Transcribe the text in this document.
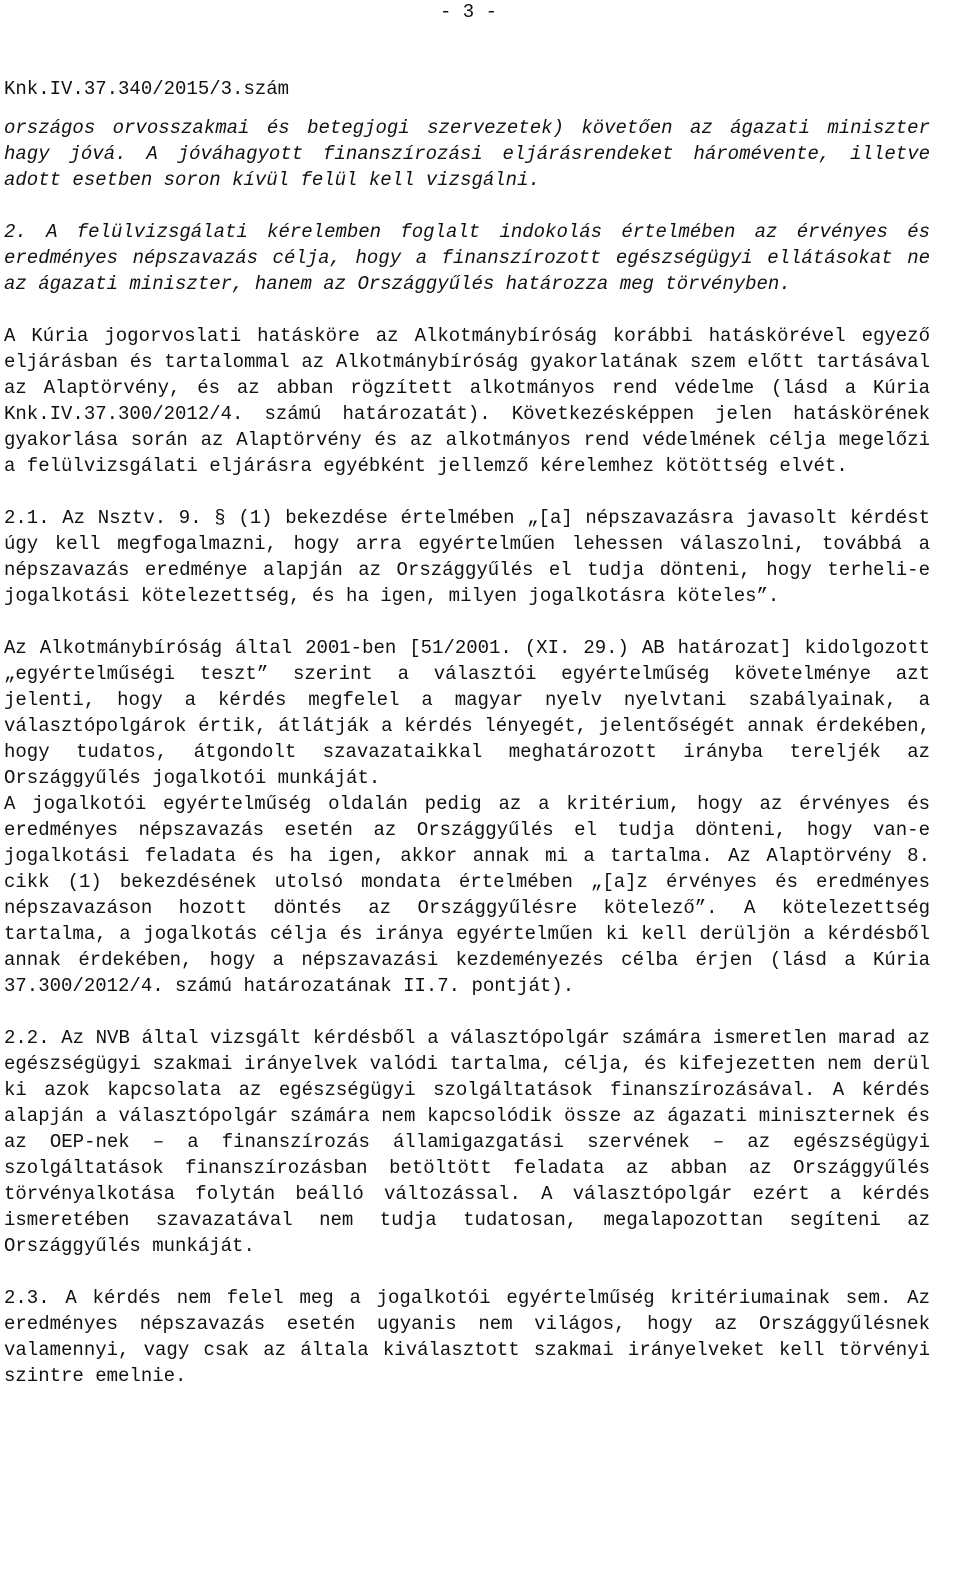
- 3 -
Knk.IV.37.340/2015/3.szám

országos orvosszakmai és betegjogi szervezetek) követően az ágazati miniszter hagy jóvá. A jóváhagyott finanszírozási eljárásrendeket háromévente, illetve adott esetben soron kívül felül kell vizsgálni.

2. A felülvizsgálati kérelemben foglalt indokolás értelmében az érvényes és eredményes népszavazás célja, hogy a finanszírozott egészségügyi ellátásokat ne az ágazati miniszter, hanem az Országgyűlés határozza meg törvényben.

A Kúria jogorvoslati hatásköre az Alkotmánybíróság korábbi hatáskörével egyező eljárásban és tartalommal az Alkotmánybíróság gyakorlatának szem előtt tartásával az Alaptörvény, és az abban rögzített alkotmányos rend védelme (lásd a Kúria Knk.IV.37.300/2012/4. számú határozatát). Következésképpen jelen hatáskörének gyakorlása során az Alaptörvény és az alkotmányos rend védelmének célja megelőzi a felülvizsgálati eljárásra egyébként jellemző kérelemhez kötöttség elvét.

2.1. Az Nsztv. 9. § (1) bekezdése értelmében „[a] népszavazásra javasolt kérdést úgy kell megfogalmazni, hogy arra egyértelműen lehessen válaszolni, továbbá a népszavazás eredménye alapján az Országgyűlés el tudja dönteni, hogy terheli-e jogalkotási kötelezettség, és ha igen, milyen jogalkotásra köteles”.

Az Alkotmánybíróság által 2001-ben [51/2001. (XI. 29.) AB határozat] kidolgozott „egyértelműségi teszt” szerint a választói egyértelműség követelménye azt jelenti, hogy a kérdés megfelel a magyar nyelv nyelvtani szabályainak, a választópolgárok értik, átlátják a kérdés lényegét, jelentőségét annak érdekében, hogy tudatos, átgondolt szavazataikkal meghatározott irányba tereljék az Országgyűlés jogalkotói munkáját.

A jogalkotói egyértelműség oldalán pedig az a kritérium, hogy az érvényes és eredményes népszavazás esetén az Országgyűlés el tudja dönteni, hogy van-e jogalkotási feladata és ha igen, akkor annak mi a tartalma. Az Alaptörvény 8. cikk (1) bekezdésének utolsó mondata értelmében „[a]z érvényes és eredményes népszavazáson hozott döntés az Országgyűlésre kötelező”. A kötelezettség tartalma, a jogalkotás célja és iránya egyértelműen ki kell derüljön a kérdésből annak érdekében, hogy a népszavazási kezdeményezés célba érjen (lásd a Kúria 37.300/2012/4. számú határozatának II.7. pontját).

2.2. Az NVB által vizsgált kérdésből a választópolgár számára ismeretlen marad az egészségügyi szakmai irányelvek valódi tartalma, célja, és kifejezetten nem derül ki azok kapcsolata az egészségügyi szolgáltatások finanszírozásával. A kérdés alapján a választópolgár számára nem kapcsolódik össze az ágazati miniszternek és az OEP-nek – a finanszírozás államigazgatási szervének – az egészségügyi szolgáltatások finanszírozásban betöltött feladata az abban az Országgyűlés törvényalkotása folytán beálló változással. A választópolgár ezért a kérdés ismeretében szavazatával nem tudja tudatosan, megalapozottan segíteni az Országgyűlés munkáját.

2.3. A kérdés nem felel meg a jogalkotói egyértelműség kritériumainak sem. Az eredményes népszavazás esetén ugyanis nem világos, hogy az Országgyűlésnek valamennyi, vagy csak az általa kiválasztott szakmai irányelveket kell törvényi szintre emelnie.
